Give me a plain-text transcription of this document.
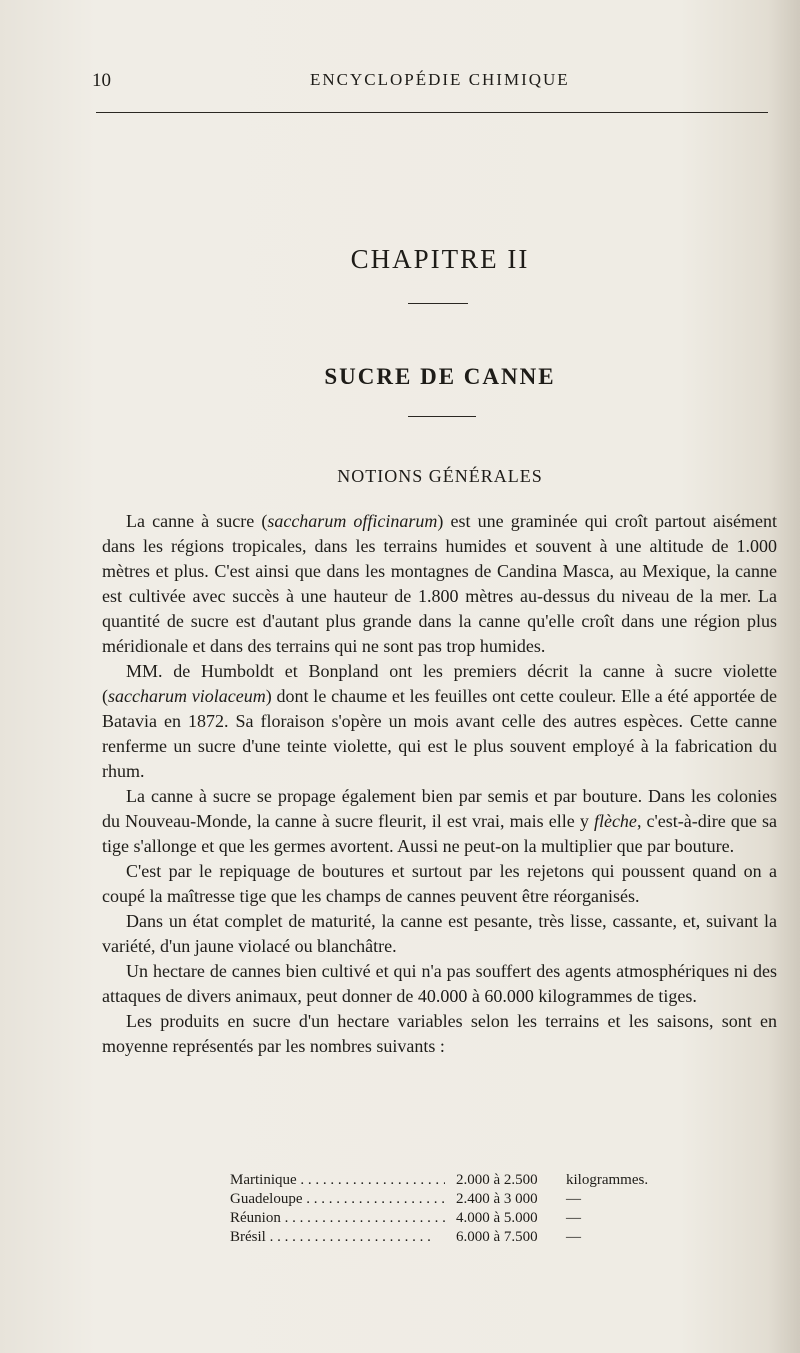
10	ENCYCLOPÉDIE CHIMIQUE
CHAPITRE II
SUCRE DE CANNE
NOTIONS GÉNÉRALES

La canne à sucre (saccharum officinarum) est une graminée qui croît partout aisément dans les régions tropicales, dans les terrains humides et souvent à une altitude de 1.000 mètres et plus. C'est ainsi que dans les montagnes de Candina Masca, au Mexique, la canne est cultivée avec succès à une hauteur de 1.800 mètres au-dessus du niveau de la mer. La quantité de sucre est d'autant plus grande dans la canne qu'elle croît dans une région plus méridionale et dans des terrains qui ne sont pas trop humides.

MM. de Humboldt et Bonpland ont les premiers décrit la canne à sucre violette (saccharum violaceum) dont le chaume et les feuilles ont cette couleur. Elle a été apportée de Batavia en 1872. Sa floraison s'opère un mois avant celle des autres espèces. Cette canne renferme un sucre d'une teinte violette, qui est le plus souvent employé à la fabrication du rhum.

La canne à sucre se propage également bien par semis et par bouture. Dans les colonies du Nouveau-Monde, la canne à sucre fleurit, il est vrai, mais elle y flèche, c'est-à-dire que sa tige s'allonge et que les germes avortent. Aussi ne peut-on la multiplier que par bouture.

C'est par le repiquage de boutures et surtout par les rejetons qui poussent quand on a coupé la maîtresse tige que les champs de cannes peuvent être réorganisés.

Dans un état complet de maturité, la canne est pesante, très lisse, cassante, et, suivant la variété, d'un jaune violacé ou blanchâtre.

Un hectare de cannes bien cultivé et qui n'a pas souffert des agents atmosphériques ni des attaques de divers animaux, peut donner de 40.000 à 60.000 kilogrammes de tiges.

Les produits en sucre d'un hectare variables selon les terrains et les saisons, sont en moyenne représentés par les nombres suivants :

Martinique . . .	2.000 à 2.500 kilogrammes.
Guadeloupe . . .	2.400 à 3 000 —
Réunion . . .	4.000 à 5.000 —
Brésil . . .	6.000 à 7.500 —
